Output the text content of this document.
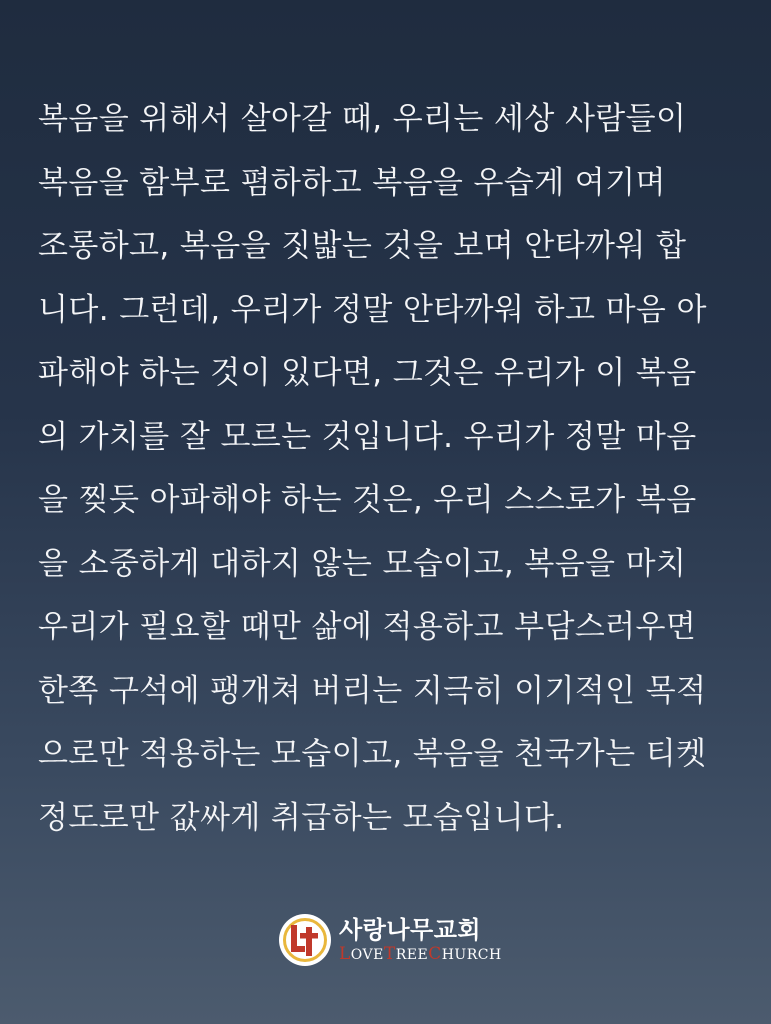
복음을 위해서 살아갈 때, 우리는 세상 사람들이
복음을 함부로 폄하하고 복음을 우습게 여기며
조롱하고, 복음을 짓밟는 것을 보며 안타까워 합
니다. 그런데, 우리가 정말 안타까워 하고 마음 아
파해야 하는 것이 있다면, 그것은 우리가 이 복음
의 가치를 잘 모르는 것입니다. 우리가 정말 마음
을 찢듯 아파해야 하는 것은, 우리 스스로가 복음
을 소중하게 대하지 않는 모습이고, 복음을 마치
우리가 필요할 때만 삶에 적용하고 부담스러우면
한쪽 구석에 팽개쳐 버리는 지극히 이기적인 목적
으로만 적용하는 모습이고, 복음을 천국가는 티켓
정도로만 값싸게 취급하는 모습입니다.
사랑나무교회
LOVETREECHURCH
